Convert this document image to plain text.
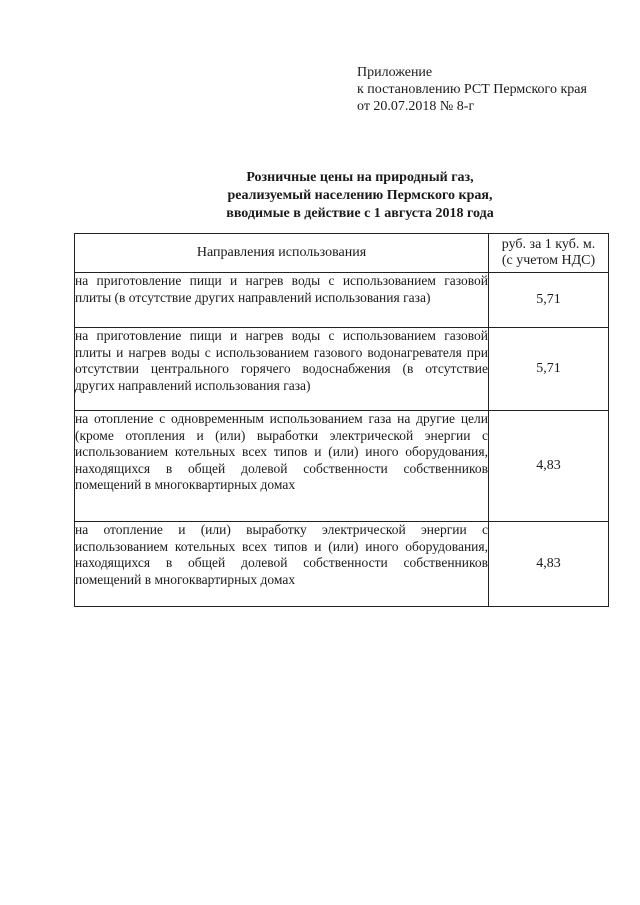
Приложение
к постановлению РСТ Пермского края
от 20.07.2018 № 8-г
Розничные цены на природный газ,
реализуемый населению Пермского края,
вводимые в действие с 1 августа 2018 года
Направления использования	руб. за 1 куб. м.
(с учетом НДС)

на приготовление пищи и нагрев воды с использованием газовой плиты (в отсутствие других направлений использования газа)	5,71
на приготовление пищи и нагрев воды с использованием газовой плиты и нагрев воды с использованием газового водонагревателя при отсутствии центрального горячего водоснабжения (в отсутствие других направлений использования газа)	5,71
на отопление с одновременным использованием газа на другие цели (кроме отопления и (или) выработки электрической энергии с использованием котельных всех типов и (или) иного оборудования, находящихся в общей долевой собственности собственников помещений в многоквартирных домах	4,83
на отопление и (или) выработку электрической энергии с использованием котельных всех типов и (или) иного оборудования, находящихся в общей долевой собственности собственников помещений в многоквартирных домах	4,83
